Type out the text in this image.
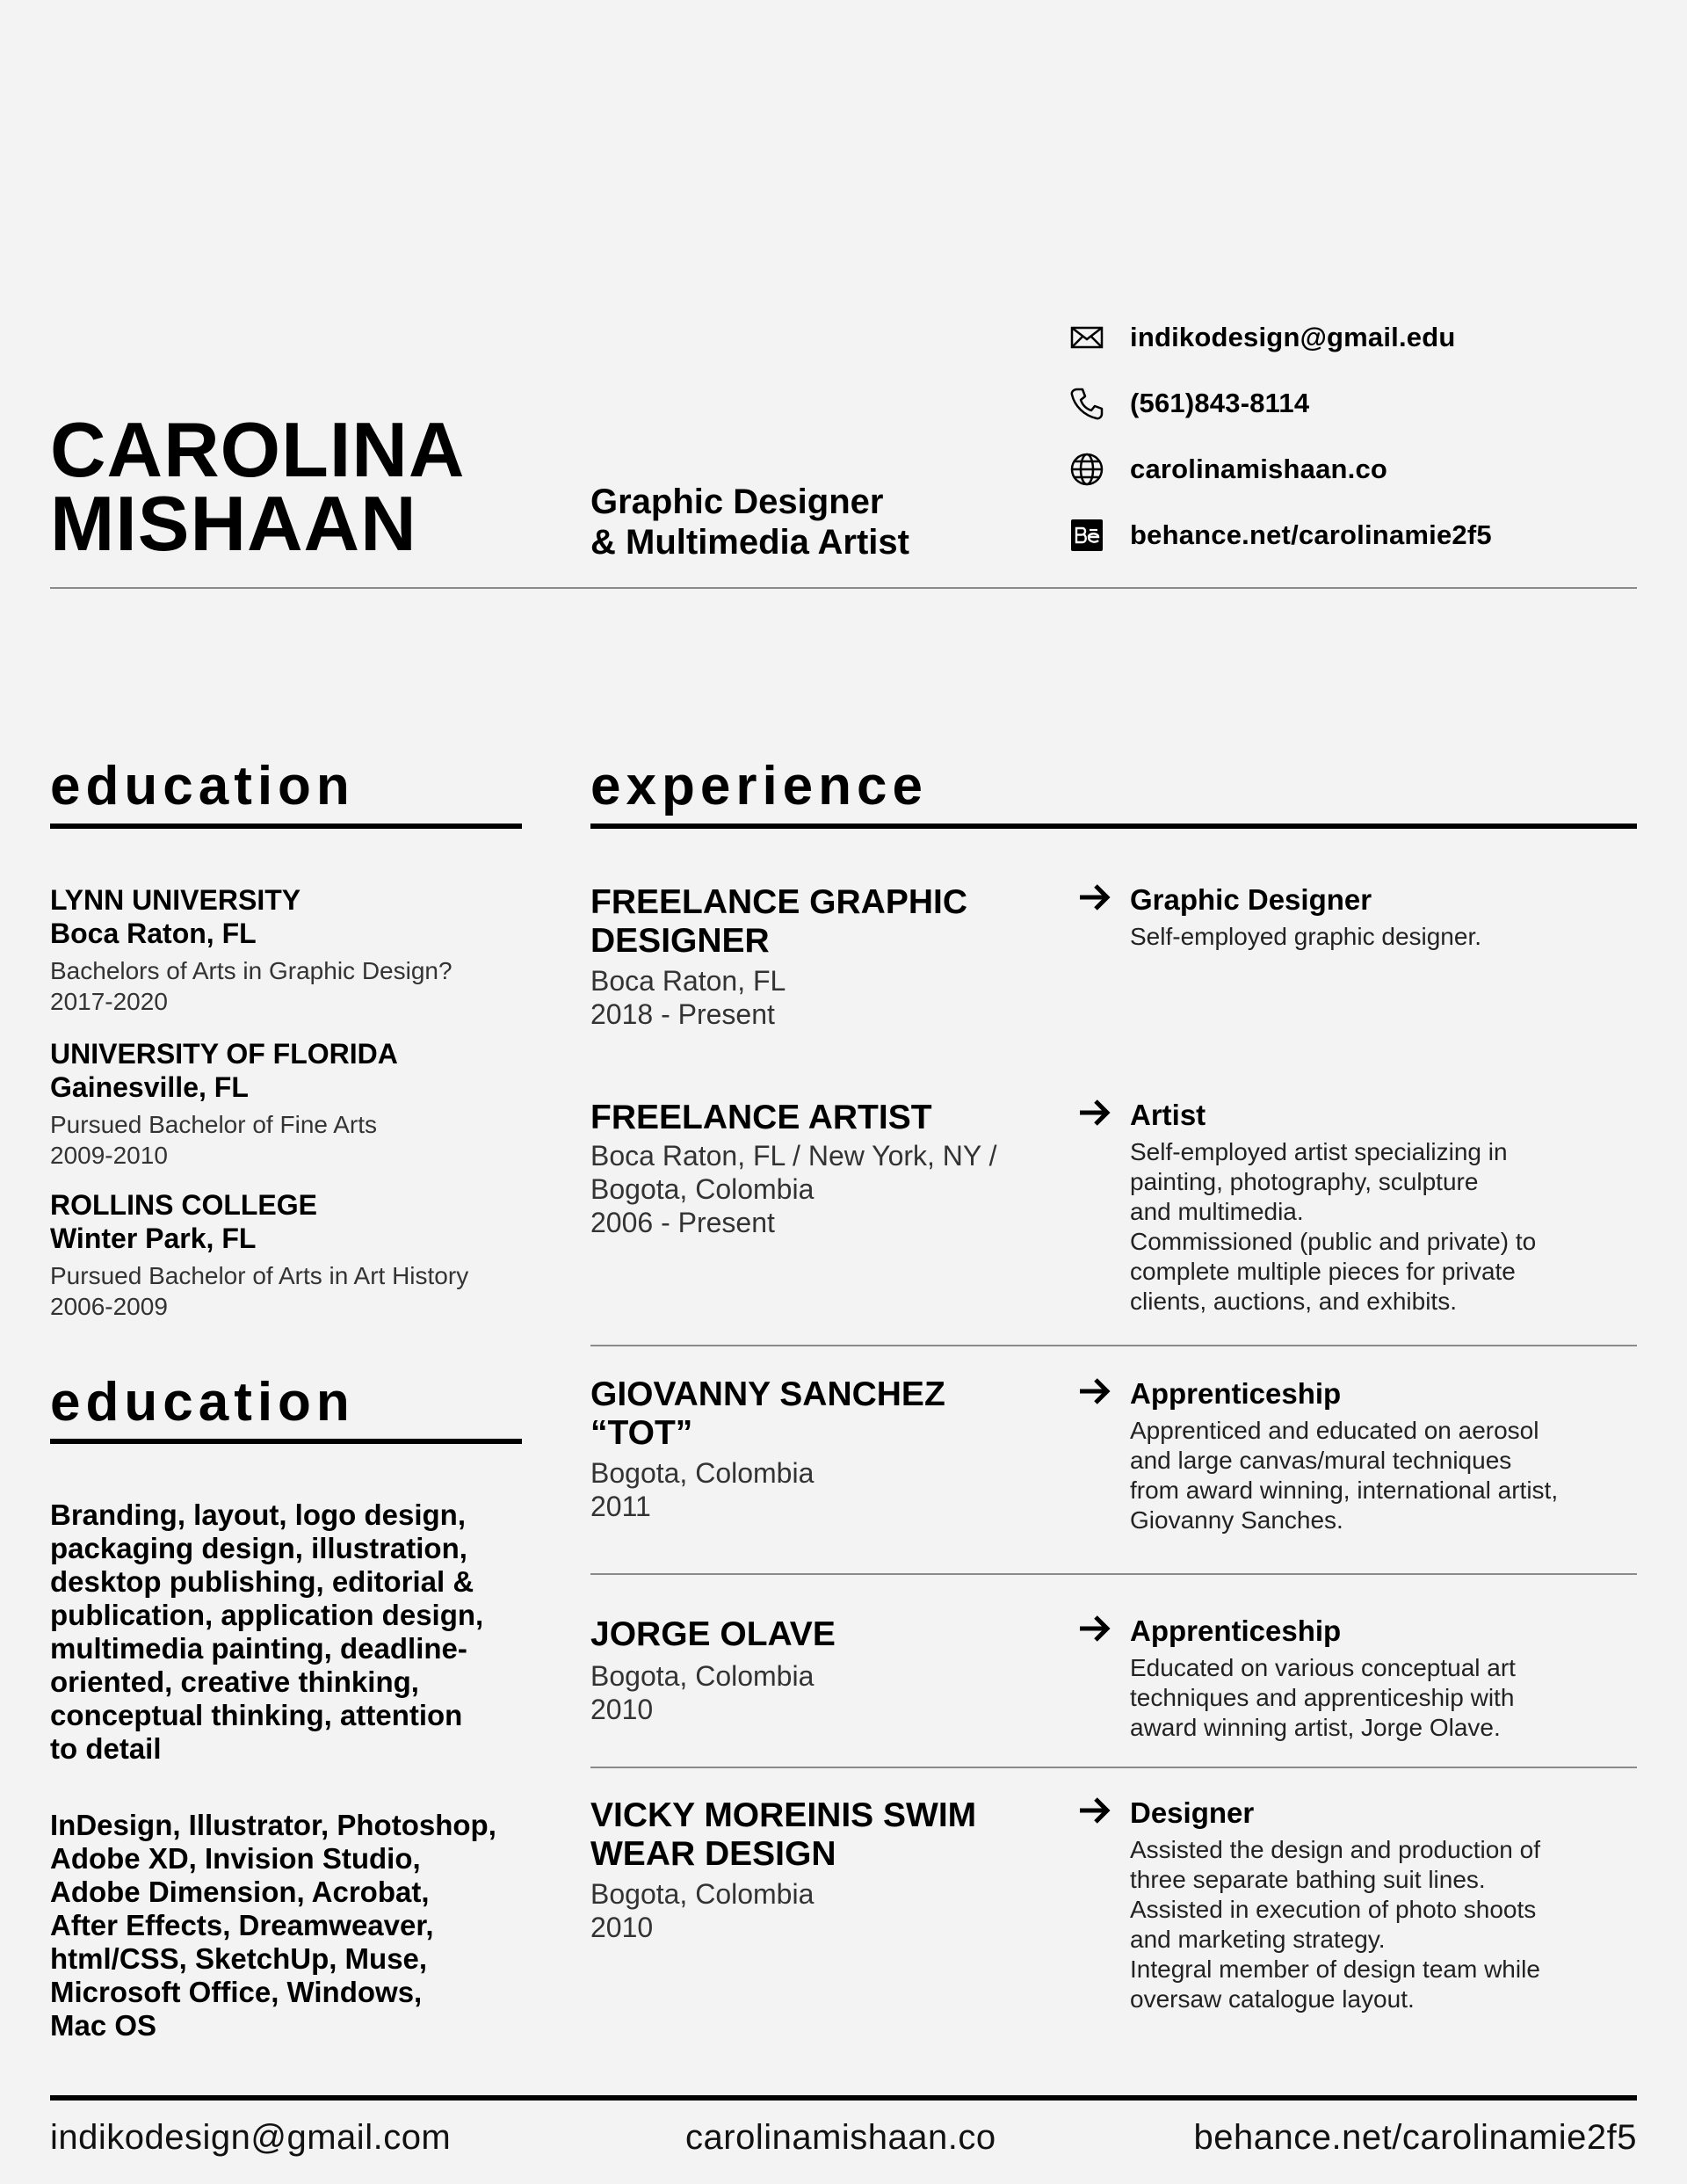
CAROLINA
MISHAAN	Graphic Designer
& Multimedia Artist
indikodesign@gmail.edu
(561)843-8114
carolinamishaan.co
behance.net/carolinamie2f5
education
LYNN UNIVERSITY
Boca Raton, FL
Bachelors of Arts in Graphic Design?
2017-2020
UNIVERSITY OF FLORIDA
Gainesville, FL
Pursued Bachelor of Fine Arts
2009-2010
ROLLINS COLLEGE
Winter Park, FL
Pursued Bachelor of Arts in Art History
2006-2009
education
Branding, layout, logo design,
packaging design, illustration,
desktop publishing, editorial &
publication, application design,
multimedia painting, deadline-
oriented, creative thinking,
conceptual thinking, attention
to detail
InDesign, Illustrator, Photoshop,
Adobe XD, Invision Studio,
Adobe Dimension, Acrobat,
After Effects, Dreamweaver,
html/CSS, SketchUp, Muse,
Microsoft Office, Windows,
Mac OS
experience
FREELANCE GRAPHIC
DESIGNER
Boca Raton, FL
2018 - Present
Graphic Designer
Self-employed graphic designer.
FREELANCE ARTIST
Boca Raton, FL / New York, NY /
Bogota, Colombia
2006 - Present
Artist
Self-employed artist specializing in
painting, photography, sculpture
and multimedia.
Commissioned (public and private) to
complete multiple pieces for private
clients, auctions, and exhibits.
GIOVANNY SANCHEZ
“TOT”
Bogota, Colombia
2011
Apprenticeship
Apprenticed and educated on aerosol
and large canvas/mural techniques
from award winning, international artist,
Giovanny Sanches.
JORGE OLAVE
Bogota, Colombia
2010
Apprenticeship
Educated on various conceptual art
techniques and apprenticeship with
award winning artist, Jorge Olave.
VICKY MOREINIS SWIM
WEAR DESIGN
Bogota, Colombia
2010
Designer
Assisted the design and production of
three separate bathing suit lines.
Assisted in execution of photo shoots
and marketing strategy.
Integral member of design team while
oversaw catalogue layout.
indikodesign@gmail.com	carolinamishaan.co	behance.net/carolinamie2f5
